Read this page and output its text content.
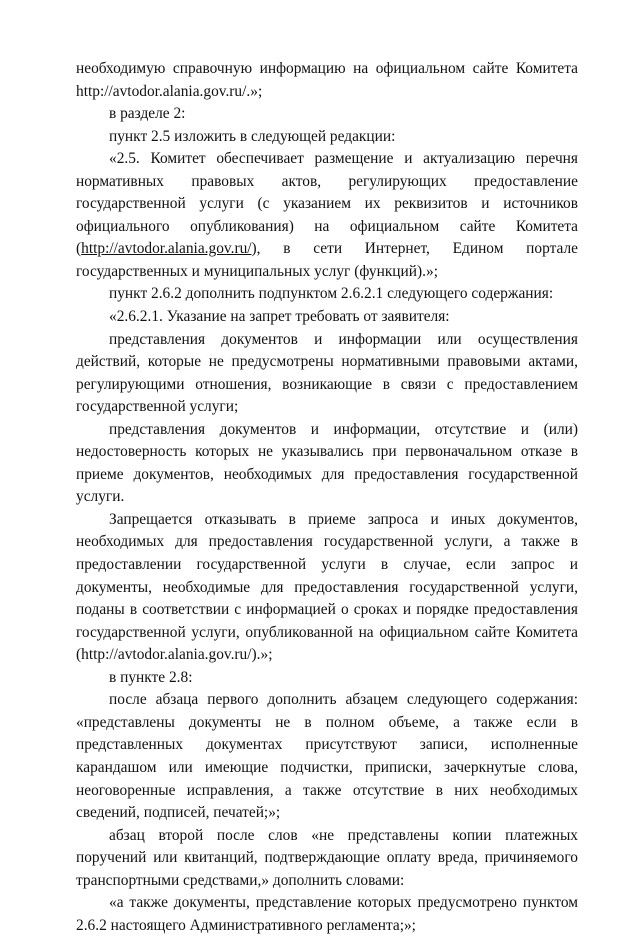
необходимую справочную информацию на официальном сайте Комитета http://avtodor.alania.gov.ru/.»;

в разделе 2:

пункт 2.5 изложить в следующей редакции:

«2.5. Комитет обеспечивает размещение и актуализацию перечня нормативных правовых актов, регулирующих предоставление государственной услуги (с указанием их реквизитов и источников официального опубликования) на официальном сайте Комитета (http://avtodor.alania.gov.ru/), в сети Интернет, Едином портале государственных и муниципальных услуг (функций).»;

пункт 2.6.2 дополнить подпунктом 2.6.2.1 следующего содержания:

«2.6.2.1. Указание на запрет требовать от заявителя:

представления документов и информации или осуществления действий, которые не предусмотрены нормативными правовыми актами, регулирующими отношения, возникающие в связи с предоставлением государственной услуги;

представления документов и информации, отсутствие и (или) недостоверность которых не указывались при первоначальном отказе в приеме документов, необходимых для предоставления государственной услуги.

Запрещается отказывать в приеме запроса и иных документов, необходимых для предоставления государственной услуги, а также в предоставлении государственной услуги в случае, если запрос и документы, необходимые для предоставления государственной услуги, поданы в соответствии с информацией о сроках и порядке предоставления государственной услуги, опубликованной на официальном сайте Комитета (http://avtodor.alania.gov.ru/).»;

в пункте 2.8:

после абзаца первого дополнить абзацем следующего содержания: «представлены документы не в полном объеме, а также если в представленных документах присутствуют записи, исполненные карандашом или имеющие подчистки, приписки, зачеркнутые слова, неоговоренные исправления, а также отсутствие в них необходимых сведений, подписей, печатей;»;

абзац второй после слов «не представлены копии платежных поручений или квитанций, подтверждающие оплату вреда, причиняемого транспортными средствами,» дополнить словами:

«а также документы, представление которых предусмотрено пунктом 2.6.2 настоящего Административного регламента;»;
